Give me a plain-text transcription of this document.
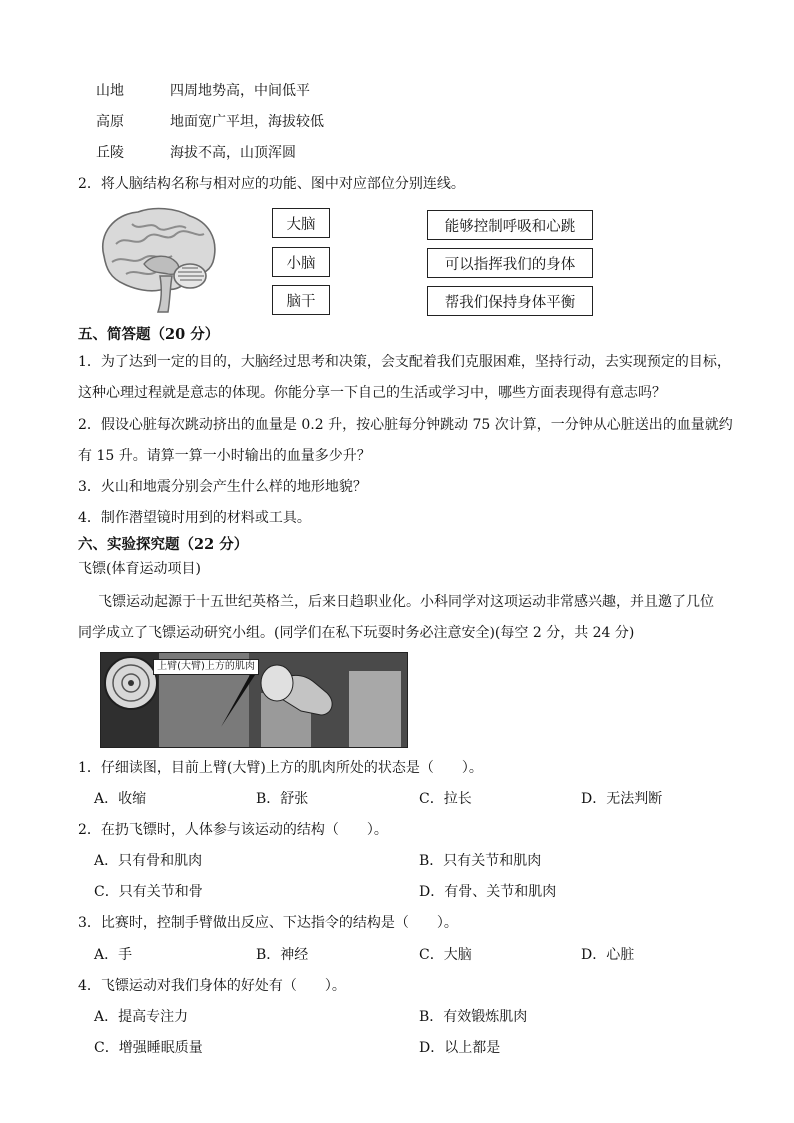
山地	四周地势高，中间低平
高原	地面宽广平坦，海拔较低
丘陵	海拔不高，山顶浑圆
2．将人脑结构名称与相对应的功能、图中对应部位分别连线。
大脑
小脑
脑干
能够控制呼吸和心跳
可以指挥我们的身体
帮我们保持身体平衡
五、简答题（20 分）
1．为了达到一定的目的，大脑经过思考和决策，会支配着我们克服困难，坚持行动，去实现预定的目标，
这种心理过程就是意志的体现。你能分享一下自己的生活或学习中，哪些方面表现得有意志吗？
2．假设心脏每次跳动挤出的血量是 0.2 升，按心脏每分钟跳动 75 次计算，一分钟从心脏送出的血量就约
有 15 升。请算一算一小时输出的血量多少升？
3．火山和地震分别会产生什么样的地形地貌？
4．制作潜望镜时用到的材料或工具。
六、实验探究题（22 分）
飞镖(体育运动项目)
飞镖运动起源于十五世纪英格兰，后来日趋职业化。小科同学对这项运动非常感兴趣，并且邀了几位
同学成立了飞镖运动研究小组。(同学们在私下玩耍时务必注意安全)(每空 2 分，共 24 分)
上臂(大臂)上方的肌肉
1．仔细读图，目前上臂(大臂)上方的肌肉所处的状态是（　　）。
A．收缩	B．舒张	C．拉长	D．无法判断
2．在扔飞镖时，人体参与该运动的结构（　　）。
A．只有骨和肌肉	B．只有关节和肌肉
C．只有关节和骨	D．有骨、关节和肌肉
3．比赛时，控制手臂做出反应、下达指令的结构是（　　）。
A．手	B．神经	C．大脑	D．心脏
4．飞镖运动对我们身体的好处有（　　）。
A．提高专注力	B．有效锻炼肌肉
C．增强睡眠质量	D．以上都是
